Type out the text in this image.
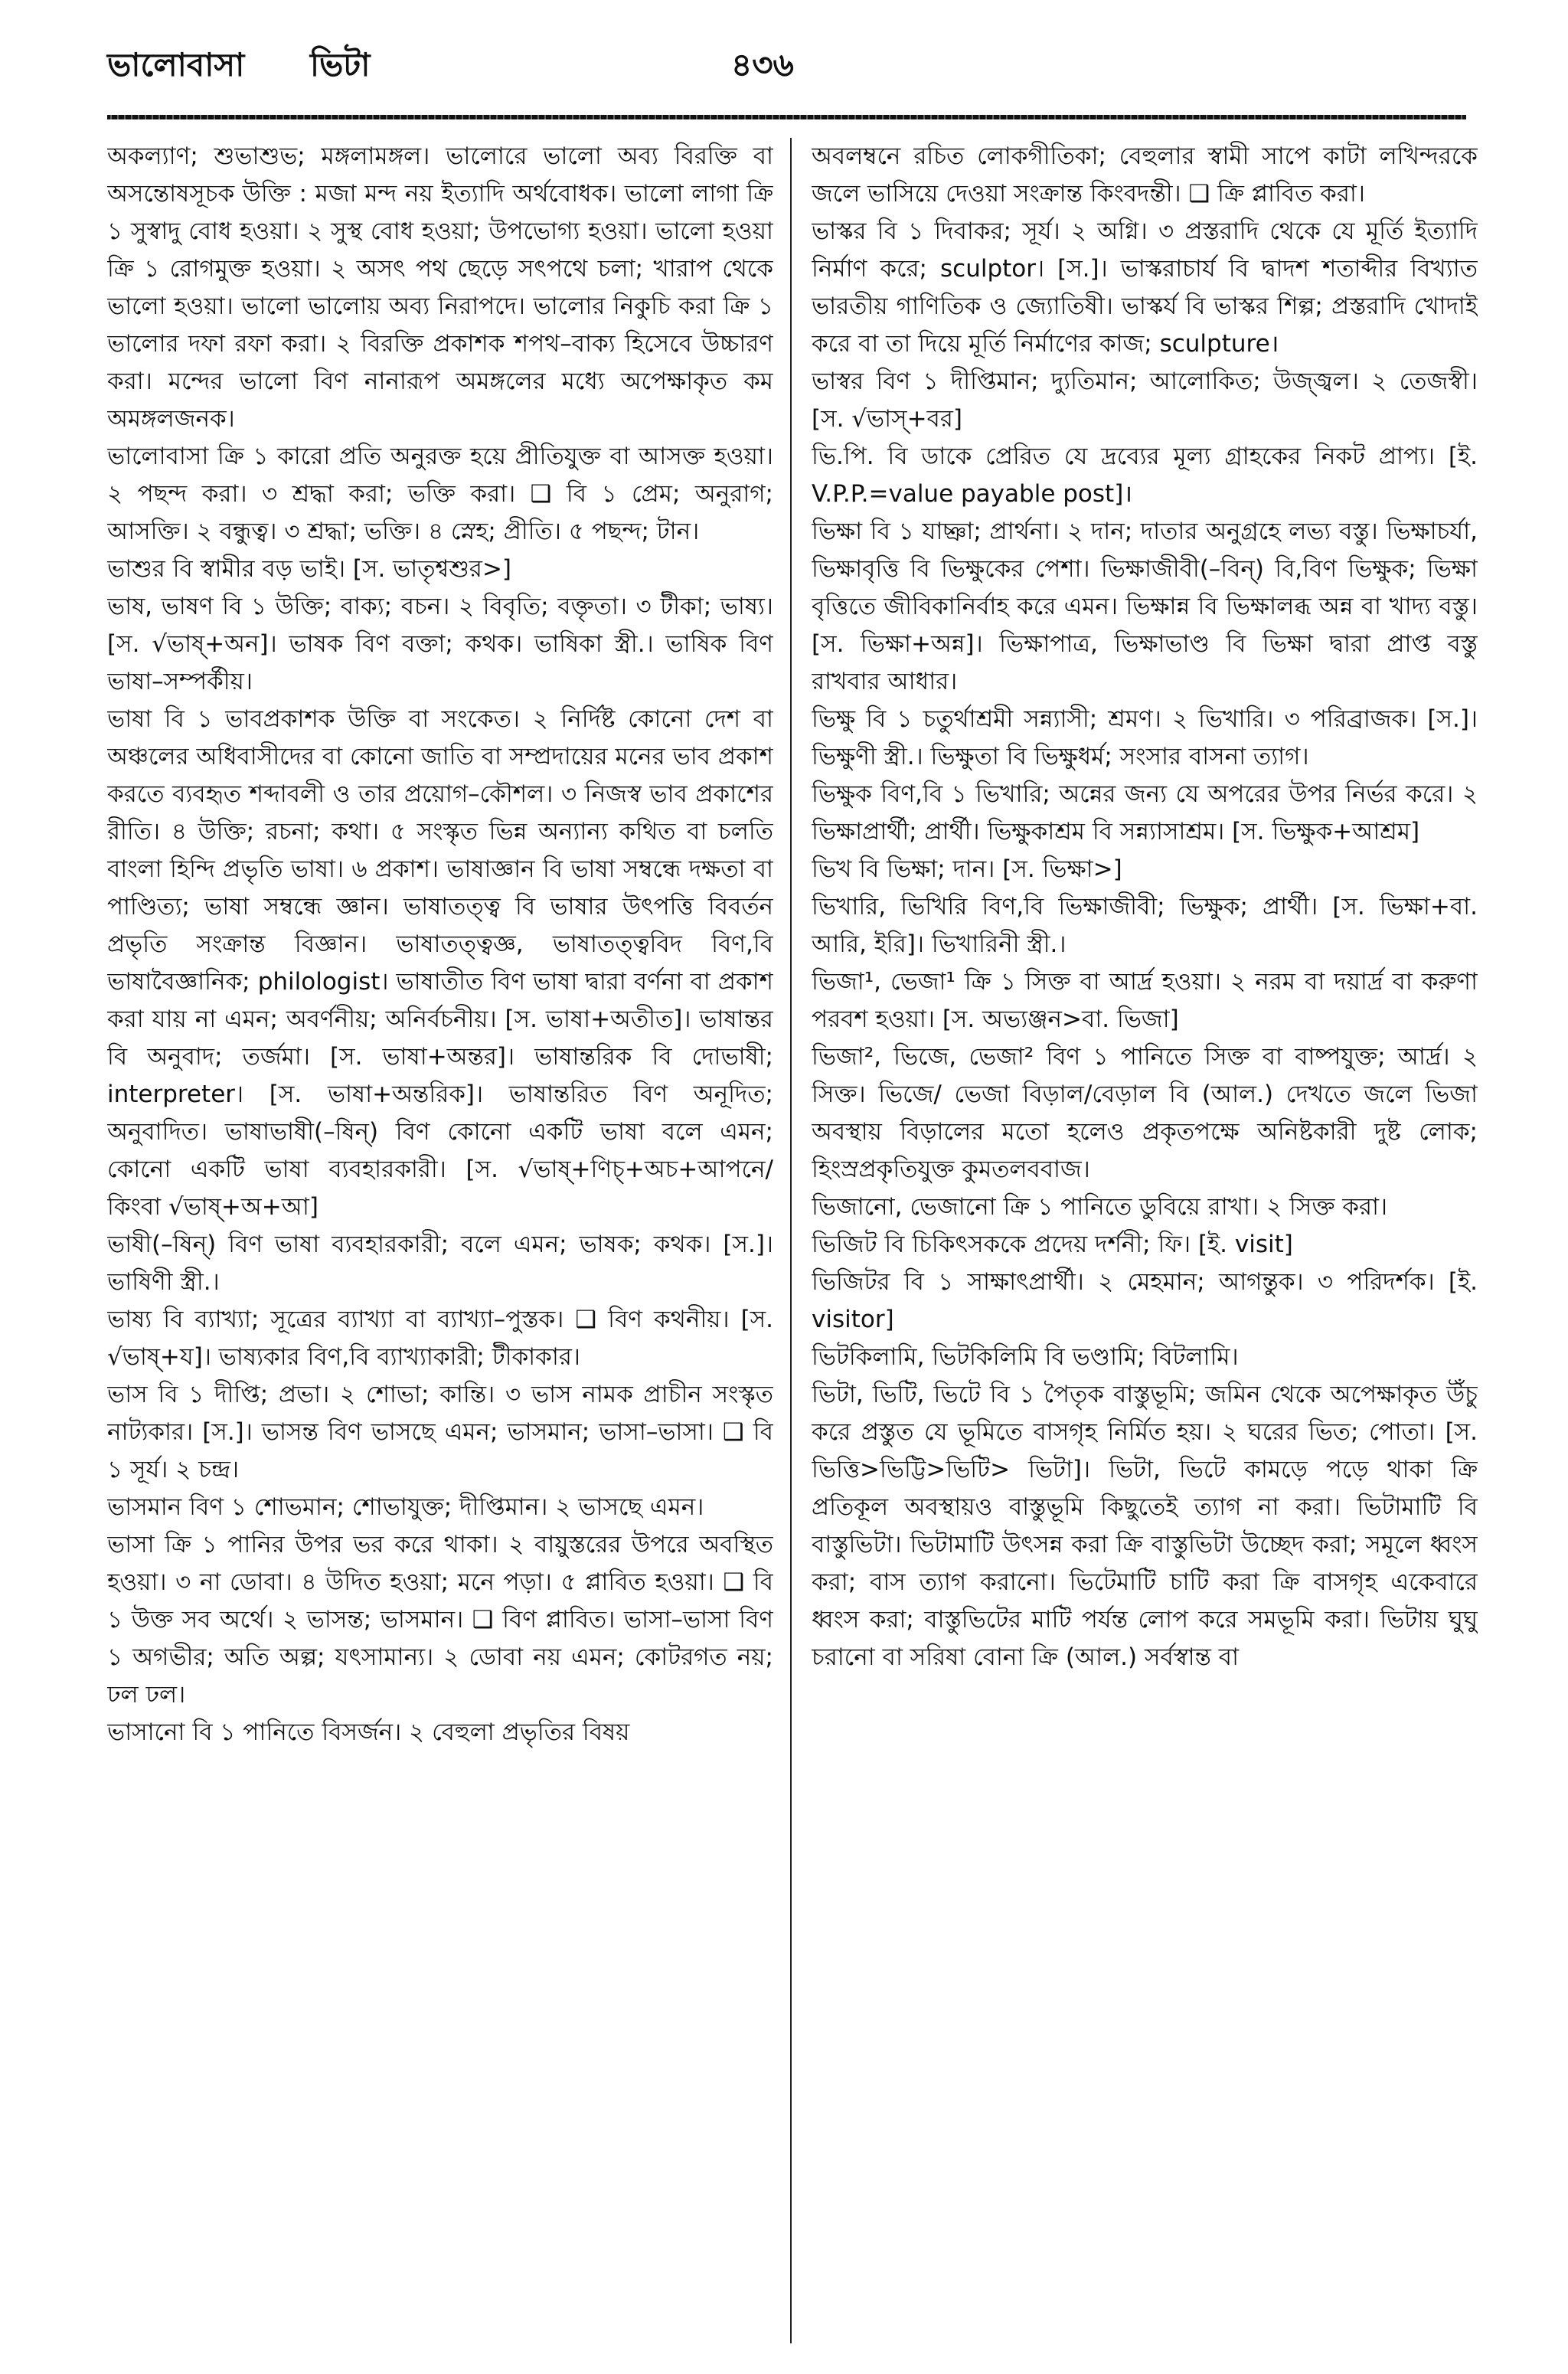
ভালোবাসা ভিটা	৪৩৬

অকল্যাণ; শুভাশুভ; মঙ্গলামঙ্গল। ভালোরে ভালো অব্য বিরক্তি বা অসন্তোষসূচক উক্তি : মজা মন্দ নয় ইত্যাদি অর্থবোধক। ভালো লাগা ক্রি ১ সুস্বাদু বোধ হওয়া। ২ সুস্থ বোধ হওয়া; উপভোগ্য হওয়া। ভালো হওয়া ক্রি ১ রোগমুক্ত হওয়া। ২ অসৎ পথ ছেড়ে সৎপথে চলা; খারাপ থেকে ভালো হওয়া। ভালো ভালোয় অব্য নিরাপদে। ভালোর নিকুচি করা ক্রি ১ ভালোর দফা রফা করা। ২ বিরক্তি প্রকাশক শপথ–বাক্য হিসেবে উচ্চারণ করা। মন্দের ভালো বিণ নানারূপ অমঙ্গলের মধ্যে অপেক্ষাকৃত কম অমঙ্গলজনক।

ভালোবাসা ক্রি ১ কারো প্রতি অনুরক্ত হয়ে প্রীতিযুক্ত বা আসক্ত হওয়া। ২ পছন্দ করা। ৩ শ্রদ্ধা করা; ভক্তি করা। ❑ বি ১ প্রেম; অনুরাগ; আসক্তি। ২ বন্ধুত্ব। ৩ শ্রদ্ধা; ভক্তি। ৪ স্নেহ; প্রীতি। ৫ পছন্দ; টান।

ভাশুর বি স্বামীর বড় ভাই। [স. ভাতৃশ্বশুর>]

ভাষ, ভাষণ বি ১ উক্তি; বাক্য; বচন। ২ বিবৃতি; বক্তৃতা। ৩ টীকা; ভাষ্য। [স. √ভাষ্+অন]। ভাষক বিণ বক্তা; কথক। ভাষিকা স্ত্রী.। ভাষিক বিণ ভাষা–সম্পর্কীয়।

ভাষা বি ১ ভাবপ্রকাশক উক্তি বা সংকেত। ২ নির্দিষ্ট কোনো দেশ বা অঞ্চলের অধিবাসীদের বা কোনো জাতি বা সম্প্রদায়ের মনের ভাব প্রকাশ করতে ব্যবহৃত শব্দাবলী ও তার প্রয়োগ–কৌশল। ৩ নিজস্ব ভাব প্রকাশের রীতি। ৪ উক্তি; রচনা; কথা। ৫ সংস্কৃত ভিন্ন অন্যান্য কথিত বা চলতি বাংলা হিন্দি প্রভৃতি ভাষা। ৬ প্রকাশ। ভাষাজ্ঞান বি ভাষা সম্বন্ধে দক্ষতা বা পাণ্ডিত্য; ভাষা সম্বন্ধে জ্ঞান। ভাষাতত্ত্ব বি ভাষার উৎপত্তি বিবর্তন প্রভৃতি সংক্রান্ত বিজ্ঞান। ভাষাতত্ত্বজ্ঞ, ভাষাতত্ত্ববিদ বিণ,বি ভাষাবৈজ্ঞানিক; philologist। ভাষাতীত বিণ ভাষা দ্বারা বর্ণনা বা প্রকাশ করা যায় না এমন; অবর্ণনীয়; অনির্বচনীয়। [স. ভাষা+অতীত]। ভাষান্তর বি অনুবাদ; তর্জমা। [স. ভাষা+অন্তর]। ভাষান্তরিক বি দোভাষী; interpreter। [স. ভাষা+অন্তরিক]। ভাষান্তরিত বিণ অনূদিত; অনুবাদিত। ভাষাভাষী(–ষিন্) বিণ কোনো একটি ভাষা বলে এমন; কোনো একটি ভাষা ব্যবহারকারী। [স. √ভাষ্+ণিচ্+অচ+আপনে/ কিংবা √ভাষ্+অ+আ]

ভাষী(–ষিন্) বিণ ভাষা ব্যবহারকারী; বলে এমন; ভাষক; কথক। [স.]। ভাষিণী স্ত্রী.।

ভাষ্য বি ব্যাখ্যা; সূত্রের ব্যাখ্যা বা ব্যাখ্যা–পুস্তক। ❑ বিণ কথনীয়। [স. √ভাষ্+য]। ভাষ্যকার বিণ,বি ব্যাখ্যাকারী; টীকাকার।

ভাস বি ১ দীপ্তি; প্রভা। ২ শোভা; কান্তি। ৩ ভাস নামক প্রাচীন সংস্কৃত নাট্যকার। [স.]। ভাসন্ত বিণ ভাসছে এমন; ভাসমান; ভাসা–ভাসা। ❑ বি ১ সূর্য। ২ চন্দ্র।

ভাসমান বিণ ১ শোভমান; শোভাযুক্ত; দীপ্তিমান। ২ ভাসছে এমন।

ভাসা ক্রি ১ পানির উপর ভর করে থাকা। ২ বায়ুস্তরের উপরে অবস্থিত হওয়া। ৩ না ডোবা। ৪ উদিত হওয়া; মনে পড়া। ৫ প্লাবিত হওয়া। ❑ বি ১ উক্ত সব অর্থে। ২ ভাসন্ত; ভাসমান। ❑ বিণ প্লাবিত। ভাসা–ভাসা বিণ ১ অগভীর; অতি অল্প; যৎসামান্য। ২ ডোবা নয় এমন; কোটরগত নয়; ঢল ঢল।

ভাসানো বি ১ পানিতে বিসর্জন। ২ বেহুলা প্রভৃতির বিষয়

অবলম্বনে রচিত লোকগীতিকা; বেহুলার স্বামী সাপে কাটা লখিন্দরকে জলে ভাসিয়ে দেওয়া সংক্রান্ত কিংবদন্তী। ❑ ক্রি প্লাবিত করা।

ভাস্কর বি ১ দিবাকর; সূর্য। ২ অগ্নি। ৩ প্রস্তরাদি থেকে যে মূর্তি ইত্যাদি নির্মাণ করে; sculptor। [স.]। ভাস্করাচার্য বি দ্বাদশ শতাব্দীর বিখ্যাত ভারতীয় গাণিতিক ও জ্যোতিষী। ভাস্কর্য বি ভাস্কর শিল্প; প্রস্তরাদি খোদাই করে বা তা দিয়ে মূর্তি নির্মাণের কাজ; sculpture।

ভাস্বর বিণ ১ দীপ্তিমান; দ্যুতিমান; আলোকিত; উজ্জ্বল। ২ তেজস্বী। [স. √ভাস্+বর]

ভি.পি. বি ডাকে প্রেরিত যে দ্রব্যের মূল্য গ্রাহকের নিকট প্রাপ্য। [ই. V.P.P.=value payable post]।

ভিক্ষা বি ১ যাচ্ঞা; প্রার্থনা। ২ দান; দাতার অনুগ্রহে লভ্য বস্তু। ভিক্ষাচর্যা, ভিক্ষাবৃত্তি বি ভিক্ষুকের পেশা। ভিক্ষাজীবী(–বিন্) বি,বিণ ভিক্ষুক; ভিক্ষা বৃত্তিতে জীবিকানির্বাহ করে এমন। ভিক্ষান্ন বি ভিক্ষালব্ধ অন্ন বা খাদ্য বস্তু। [স. ভিক্ষা+অন্ন]। ভিক্ষাপাত্র, ভিক্ষাভাণ্ড বি ভিক্ষা দ্বারা প্রাপ্ত বস্তু রাখবার আধার।

ভিক্ষু বি ১ চতুর্থাশ্রমী সন্ন্যাসী; শ্রমণ। ২ ভিখারি। ৩ পরিব্রাজক। [স.]। ভিক্ষুণী স্ত্রী.। ভিক্ষুতা বি ভিক্ষুধর্ম; সংসার বাসনা ত্যাগ।

ভিক্ষুক বিণ,বি ১ ভিখারি; অন্নের জন্য যে অপরের উপর নির্ভর করে। ২ ভিক্ষাপ্রার্থী; প্রার্থী। ভিক্ষুকাশ্রম বি সন্ন্যাসাশ্রম। [স. ভিক্ষুক+আশ্রম]

ভিখ বি ভিক্ষা; দান। [স. ভিক্ষা>]

ভিখারি, ভিখিরি বিণ,বি ভিক্ষাজীবী; ভিক্ষুক; প্রার্থী। [স. ভিক্ষা+বা. আরি, ইরি]। ভিখারিনী স্ত্রী.।

ভিজা¹, ভেজা¹ ক্রি ১ সিক্ত বা আর্দ্র হওয়া। ২ নরম বা দয়ার্দ্র বা করুণা পরবশ হওয়া। [স. অভ্যঞ্জন>বা. ভিজা]

ভিজা², ভিজে, ভেজা² বিণ ১ পানিতে সিক্ত বা বাষ্পযুক্ত; আর্দ্র। ২ সিক্ত। ভিজে/ ভেজা বিড়াল/বেড়াল বি (আল.) দেখতে জলে ভিজা অবস্থায় বিড়ালের মতো হলেও প্রকৃতপক্ষে অনিষ্টকারী দুষ্ট লোক; হিংস্রপ্রকৃতিযুক্ত কুমতলববাজ।

ভিজানো, ভেজানো ক্রি ১ পানিতে ডুবিয়ে রাখা। ২ সিক্ত করা।

ভিজিট বি চিকিৎসককে প্রদেয় দর্শনী; ফি। [ই. visit]

ভিজিটর বি ১ সাক্ষাৎপ্রার্থী। ২ মেহমান; আগন্তুক। ৩ পরিদর্শক। [ই. visitor]

ভিটকিলামি, ভিটকিলিমি বি ভণ্ডামি; বিটলামি।

ভিটা, ভিটি, ভিটে বি ১ পৈতৃক বাস্তুভূমি; জমিন থেকে অপেক্ষাকৃত উঁচু করে প্রস্তুত যে ভূমিতে বাসগৃহ নির্মিত হয়। ২ ঘরের ভিত; পোতা। [স. ভিত্তি>ভিট্টি>ভিটি> ভিটা]। ভিটা, ভিটে কামড়ে পড়ে থাকা ক্রি প্রতিকূল অবস্থায়ও বাস্তুভূমি কিছুতেই ত্যাগ না করা। ভিটামাটি বি বাস্তুভিটা। ভিটামাটি উৎসন্ন করা ক্রি বাস্তুভিটা উচ্ছেদ করা; সমূলে ধ্বংস করা; বাস ত্যাগ করানো। ভিটেমাটি চাটি করা ক্রি বাসগৃহ একেবারে ধ্বংস করা; বাস্তুভিটের মাটি পর্যন্ত লোপ করে সমভূমি করা। ভিটায় ঘুঘু চরানো বা সরিষা বোনা ক্রি (আল.) সর্বস্বান্ত বা
